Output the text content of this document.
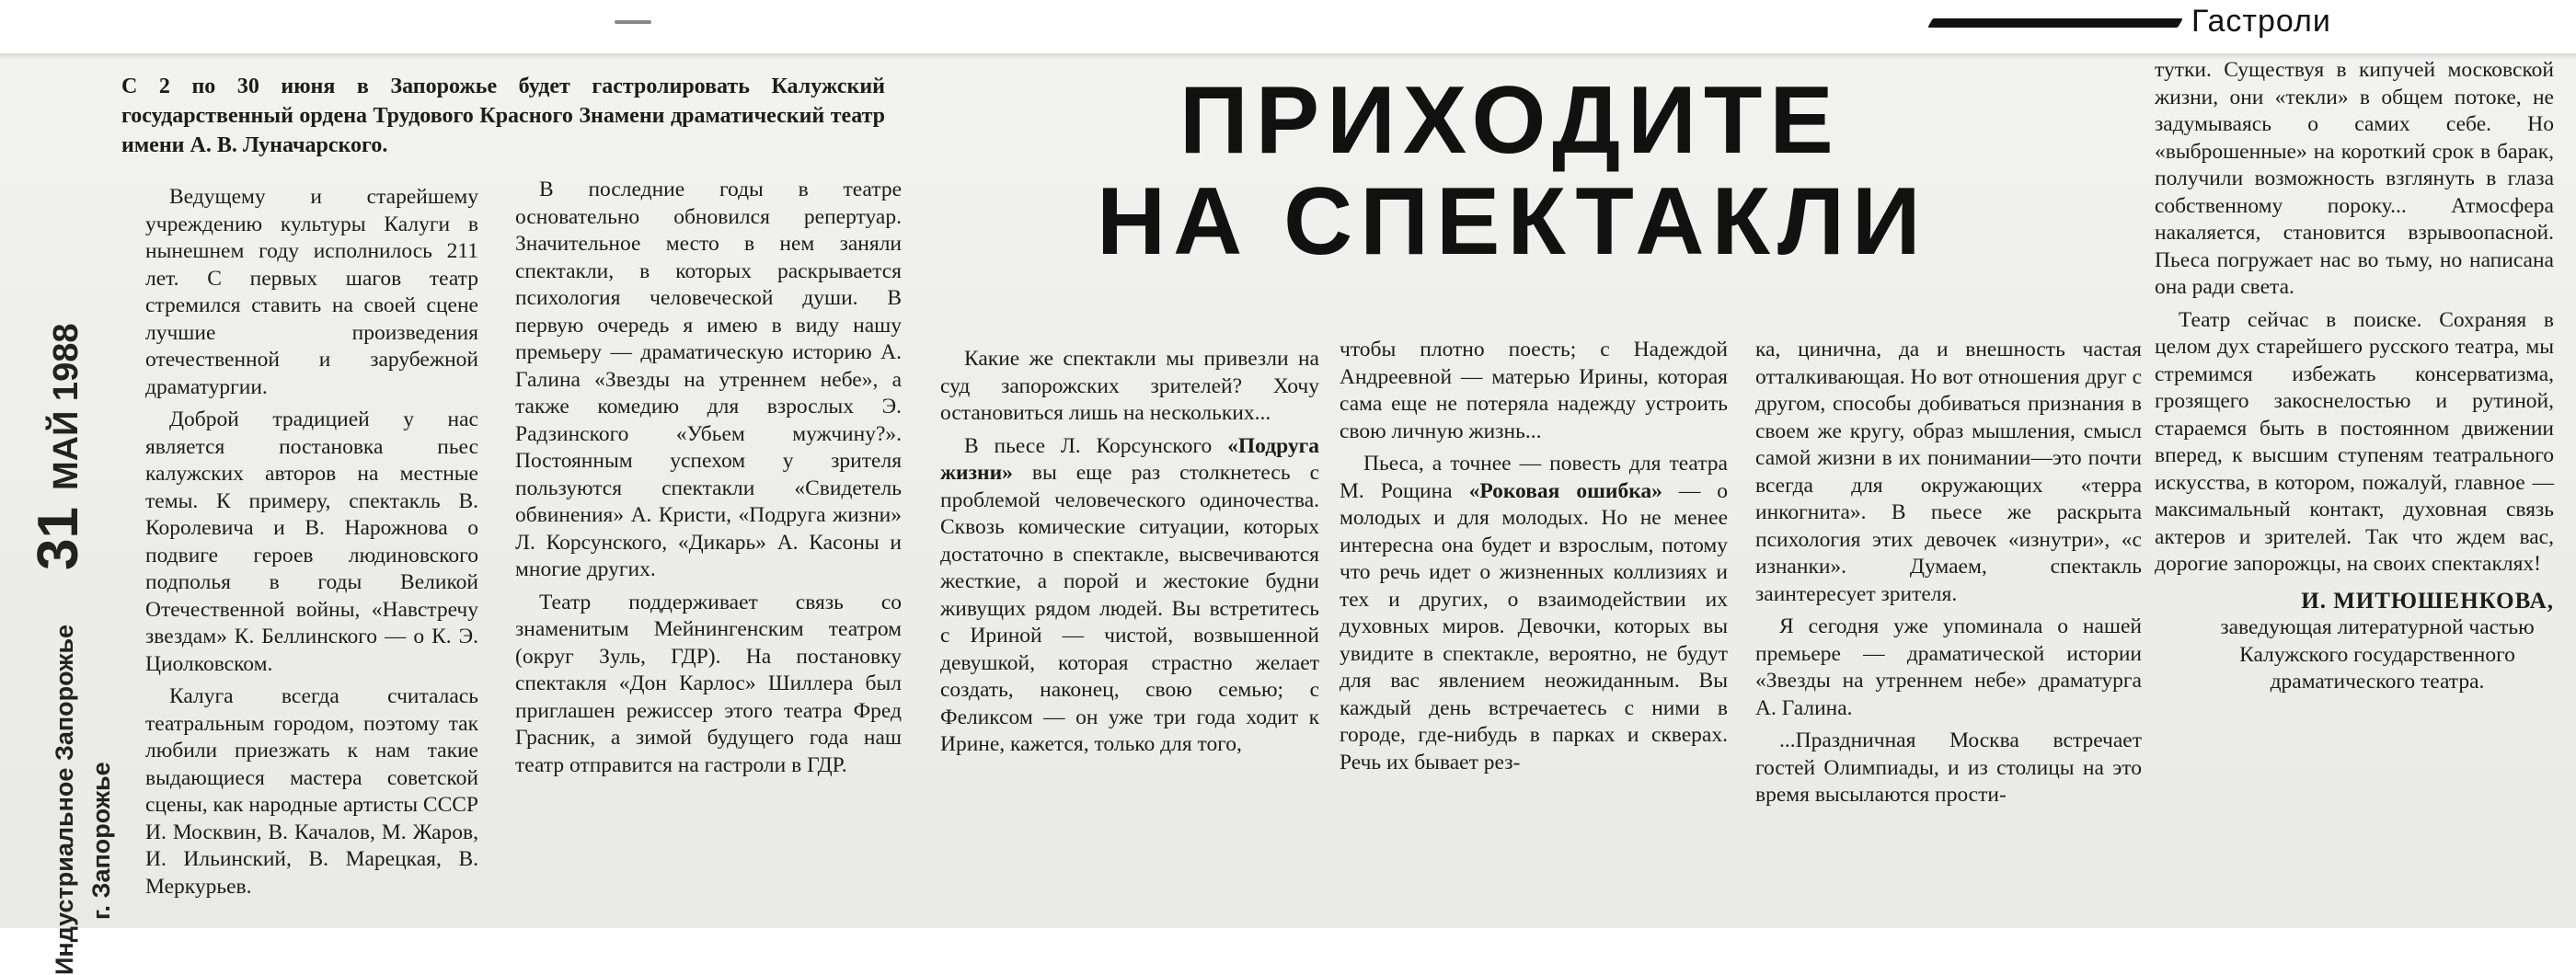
Гастроли
31МАЙ 1988
Индустриальное Запорожье г. Запорожье
С 2 по 30 июня в Запорожье будет гастролировать Калужский государственный ордена Трудового Красного Знамени драматический театр имени А. В. Луначарского.	ПРИХОДИТЕ
НА СПЕКТАКЛИ

Ведущему и старейшему учреждению культуры Калуги в нынешнем году исполнилось 211 лет. С первых шагов театр стремился ставить на своей сцене лучшие произведения отечественной и зарубежной драматургии.

Доброй традицией у нас является постановка пьес калужских авторов на местные темы. К примеру, спектакль В. Королевича и В. Нарожнова о подвиге героев людиновского подполья в годы Великой Отечественной войны, «Навстречу звездам» К. Беллинского — о К. Э. Циолковском.

Калуга всегда считалась театральным городом, поэтому так любили приезжать к нам такие выдающиеся мастера советской сцены, как народные артисты СССР И. Москвин, В. Качалов, М. Жаров, И. Ильинский, В. Марецкая, В. Меркурьев.

В последние годы в театре основательно обновился репертуар. Значительное место в нем заняли спектакли, в которых раскрывается психология человеческой души. В первую очередь я имею в виду нашу премьеру — драматическую историю А. Галина «Звезды на утреннем небе», а также комедию для взрослых Э. Радзинского «Убьем мужчину?». Постоянным успехом у зрителя пользуются спектакли «Свидетель обвинения» А. Кристи, «Подруга жизни» Л. Корсунского, «Дикарь» А. Касоны и многие других.

Театр поддерживает связь со знаменитым Мейнингенским театром (округ Зуль, ГДР). На постановку спектакля «Дон Карлос» Шиллера был приглашен режиссер этого театра Фред Грасник, а зимой будущего года наш театр отправится на гастроли в ГДР.

Какие же спектакли мы привезли на суд запорожских зрителей? Хочу остановиться лишь на нескольких...

В пьесе Л. Корсунского «Подруга жизни» вы еще раз столкнетесь с проблемой человеческого одиночества. Сквозь комические ситуации, которых достаточно в спектакле, высвечиваются жесткие, а порой и жестокие будни живущих рядом людей. Вы встретитесь с Ириной — чистой, возвышенной девушкой, которая страстно желает создать, наконец, свою семью; с Феликсом — он уже три года ходит к Ирине, кажется, только для того,

чтобы плотно поесть; с Надеждой Андреевной — матерью Ирины, которая сама еще не потеряла надежду устроить свою личную жизнь...

Пьеса, а точнее — повесть для театра М. Рощина «Роковая ошибка» — о молодых и для молодых. Но не менее интересна она будет и взрослым, потому что речь идет о жизненных коллизиях и тех и других, о взаимодействии их духовных миров. Девочки, которых вы увидите в спектакле, вероятно, не будут для вас явлением неожиданным. Вы каждый день встречаетесь с ними в городе, где-нибудь в парках и скверах. Речь их бывает рез-

ка, цинична, да и внешность частая отталкивающая. Но вот отношения друг с другом, способы добиваться признания в своем же кругу, образ мышления, смысл самой жизни в их понимании—это почти всегда для окружающих «терра инкогнита». В пьесе же раскрыта психология этих девочек «изнутри», «с изнанки». Думаем, спектакль заинтересует зрителя.

Я сегодня уже упоминала о нашей премьере — драматической истории «Звезды на утреннем небе» драматурга А. Галина.

...Праздничная Москва встречает гостей Олимпиады, и из столицы на это время высылаются прости-

тутки. Существуя в кипучей московской жизни, они «текли» в общем потоке, не задумываясь о самих себе. Но «выброшенные» на короткий срок в барак, получили возможность взглянуть в глаза собственному пороку... Атмосфера накаляется, становится взрывоопасной. Пьеса погружает нас во тьму, но написана она ради света.

Театр сейчас в поиске. Сохраняя в целом дух старейшего русского театра, мы стремимся избежать консерватизма, грозящего закоснелостью и рутиной, стараемся быть в постоянном движении вперед, к высшим ступеням театрального искусства, в котором, пожалуй, главное — максимальный контакт, духовная связь актеров и зрителей. Так что ждем вас, дорогие запорожцы, на своих спектаклях!

И. МИТЮШЕНКОВА,
заведующая литературной частью Калужского государственного драматического театра.
